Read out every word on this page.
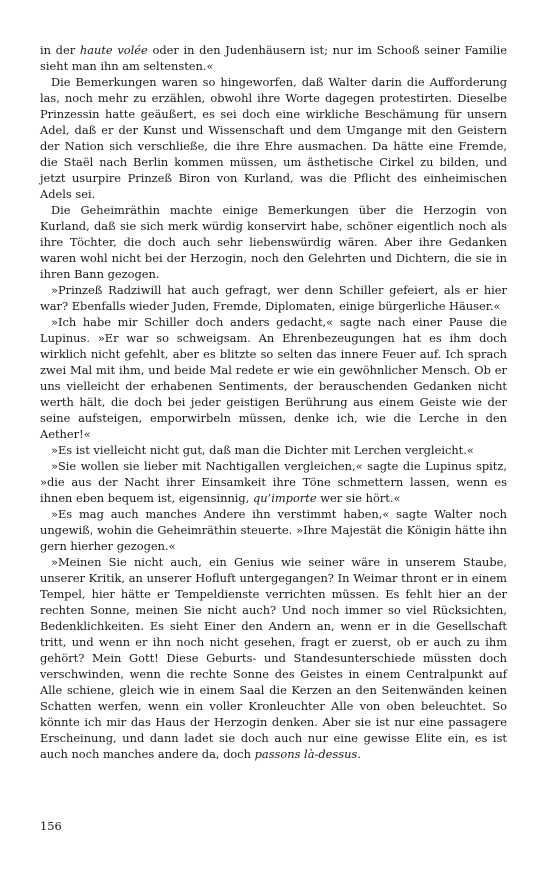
in der haute volée oder in den Judenhäusern ist; nur im Schooß seiner Familie sieht man ihn am seltensten.«

Die Bemerkungen waren so hingeworfen, daß Walter darin die Aufforderung las, noch mehr zu erzählen, obwohl ihre Worte dagegen protestirten. Dieselbe Prinzessin hatte geäußert, es sei doch eine wirkliche Beschämung für unsern Adel, daß er der Kunst und Wissenschaft und dem Umgange mit den Geistern der Nation sich verschließe, die ihre Ehre ausmachen. Da hätte eine Fremde, die Staël nach Berlin kommen müssen, um ästhetische Cirkel zu bilden, und jetzt usurpire Prinzeß Biron von Kurland, was die Pflicht des einheimischen Adels sei.

Die Geheimräthin machte einige Bemerkungen über die Herzogin von Kurland, daß sie sich merk würdig konservirt habe, schöner eigentlich noch als ihre Töchter, die doch auch sehr liebenswürdig wären. Aber ihre Gedanken waren wohl nicht bei der Herzogin, noch den Gelehrten und Dichtern, die sie in ihren Bann gezogen.

»Prinzeß Radziwill hat auch gefragt, wer denn Schiller gefeiert, als er hier war? Ebenfalls wieder Juden, Fremde, Diplomaten, einige bürgerliche Häuser.«

»Ich habe mir Schiller doch anders gedacht,« sagte nach einer Pause die Lupinus. »Er war so schweigsam. An Ehrenbezeugungen hat es ihm doch wirklich nicht gefehlt, aber es blitzte so selten das innere Feuer auf. Ich sprach zwei Mal mit ihm, und beide Mal redete er wie ein gewöhnlicher Mensch. Ob er uns vielleicht der erhabenen Sentiments, der berauschenden Gedanken nicht werth hält, die doch bei jeder geistigen Berührung aus einem Geiste wie der seine aufsteigen, emporwirbeln müssen, denke ich, wie die Lerche in den Aether!«

»Es ist vielleicht nicht gut, daß man die Dichter mit Lerchen vergleicht.«

»Sie wollen sie lieber mit Nachtigallen vergleichen,« sagte die Lupinus spitz, »die aus der Nacht ihrer Einsamkeit ihre Töne schmettern lassen, wenn es ihnen eben bequem ist, eigensinnig, qu’importe wer sie hört.«

»Es mag auch manches Andere ihn verstimmt haben,« sagte Walter noch ungewiß, wohin die Geheimräthin steuerte. »Ihre Majestät die Königin hätte ihn gern hierher gezogen.«

»Meinen Sie nicht auch, ein Genius wie seiner wäre in unserem Staube, unserer Kritik, an unserer Hofluft untergegangen? In Weimar thront er in einem Tempel, hier hätte er Tempeldienste verrichten müssen. Es fehlt hier an der rechten Sonne, meinen Sie nicht auch? Und noch immer so viel Rücksichten, Bedenklichkeiten. Es sieht Einer den Andern an, wenn er in die Gesellschaft tritt, und wenn er ihn noch nicht gesehen, fragt er zuerst, ob er auch zu ihm gehört? Mein Gott! Diese Geburts- und Standesunterschiede müssten doch verschwinden, wenn die rechte Sonne des Geistes in einem Centralpunkt auf Alle schiene, gleich wie in einem Saal die Kerzen an den Seitenwänden keinen Schatten werfen, wenn ein voller Kronleuchter Alle von oben beleuchtet. So könnte ich mir das Haus der Herzogin denken. Aber sie ist nur eine passagere Erscheinung, und dann ladet sie doch auch nur eine gewisse Elite ein, es ist auch noch manches andere da, doch passons là-dessus.

156
